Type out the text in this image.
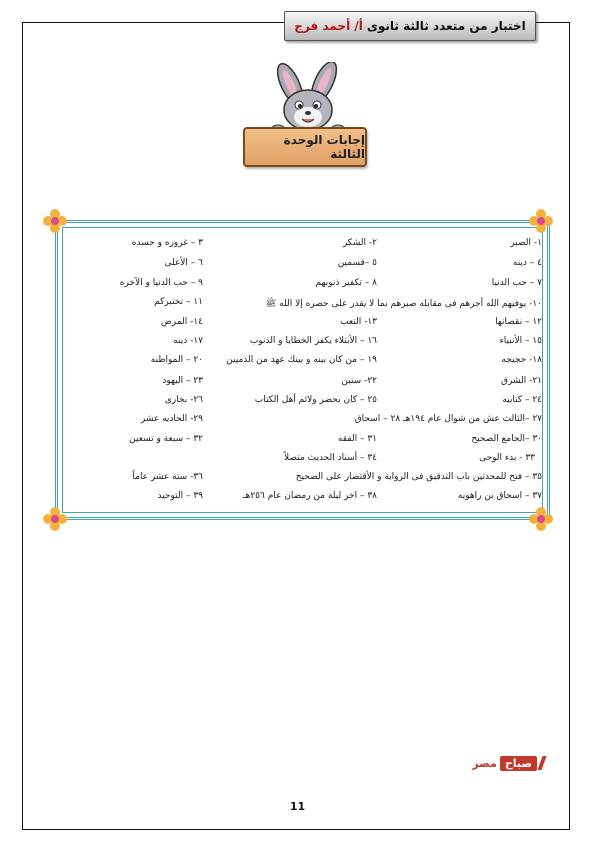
اختبار من متعدد ثالثة ثانوى
أ/ أحمد فرج
إجابات الوحدة الثالثة
١- الصبر
٢- الشكر
٣ – غروره و حسده
٤ – دينه
٥ –قسمين
٦ – الأعلى
٧ – حب الدنيا
٨ – تكفير ذنوبهم
٩ – حب الدنيا و الآخره
١٠- يوفيهم الله أجرهم فى مقابله صبرهم بما لا يقدر على حصره إلا الله ﷺ
١١ – تختبركم
١٢ – نقصانها
١٣- التعب
١٤- المرض
١٥ – الأنبياء
١٦ – الأبتلاء يكفر الخطايا و الذنوب
١٧- دينه
١٨- حجيجه
١٩ – من كان بينه و بينك عهد من الذميين
٢٠ – المواطنه
٢١- الشرق
٢٢- ستين
٢٣ – اليهود
٢٤ – كتابيه
٢٥ – كان يحضر ولائم أهل الكتاب
٢٦- بخارى
٢٧ –الثالث عش من شوال عام ١٩٤هـ ٢٨ – اسحاق
٢٩- الحاديه عشر
٣٠ –الجامع الصحيح
٣١ – الفقه
٣٢ – سبعة و تسعين
٣٣ - بدء الوحى
٣٤ – أسناد الحديث متصلاً
٣٥ – فتح للمحدثين باب التدقيق فى الرواية و الأقتصار على الصحيح
٣٦- سته عشر عاماً
٣٧ – اسحاق بن راهويه
٣٨ – اخر ليلة من رمضان عام ٢٥٦هـ
٣٩ – التوحيد
صباح
مصر
11
